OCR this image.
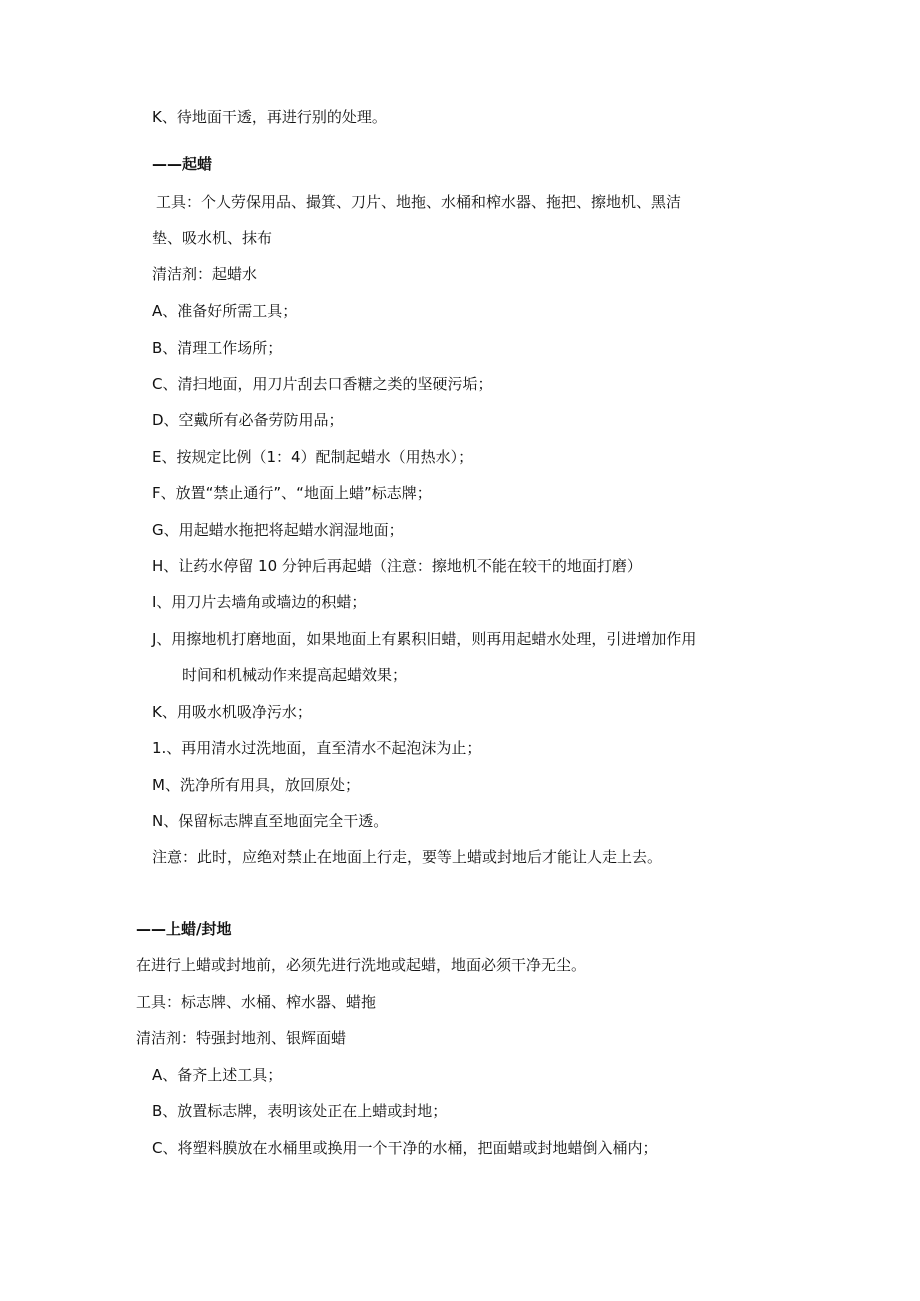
K、待地面干透，再进行别的处理。
——起蜡
工具：个人劳保用品、撮箕、刀片、地拖、水桶和榨水器、拖把、擦地机、黑洁
垫、吸水机、抹布
清洁剂：起蜡水
A、准备好所需工具；
B、清理工作场所；
C、清扫地面，用刀片刮去口香糖之类的坚硬污垢；
D、空戴所有必备劳防用品；
E、按规定比例（1：4）配制起蜡水（用热水）；
F、放置“禁止通行”、“地面上蜡”标志牌；
G、用起蜡水拖把将起蜡水润湿地面；
H、让药水停留 10 分钟后再起蜡（注意：擦地机不能在较干的地面打磨）
I、用刀片去墙角或墙边的积蜡；
J、用擦地机打磨地面，如果地面上有累积旧蜡，则再用起蜡水处理，引进增加作用
时间和机械动作来提高起蜡效果；
K、用吸水机吸净污水；
1.、再用清水过洗地面，直至清水不起泡沫为止；
M、洗净所有用具，放回原处；
N、保留标志牌直至地面完全干透。
注意：此时，应绝对禁止在地面上行走，要等上蜡或封地后才能让人走上去。
——上蜡/封地
在进行上蜡或封地前，必须先进行洗地或起蜡，地面必须干净无尘。
工具：标志牌、水桶、榨水器、蜡拖
清洁剂：特强封地剂、银辉面蜡
A、备齐上述工具；
B、放置标志牌，表明该处正在上蜡或封地；
C、将塑料膜放在水桶里或换用一个干净的水桶，把面蜡或封地蜡倒入桶内；
